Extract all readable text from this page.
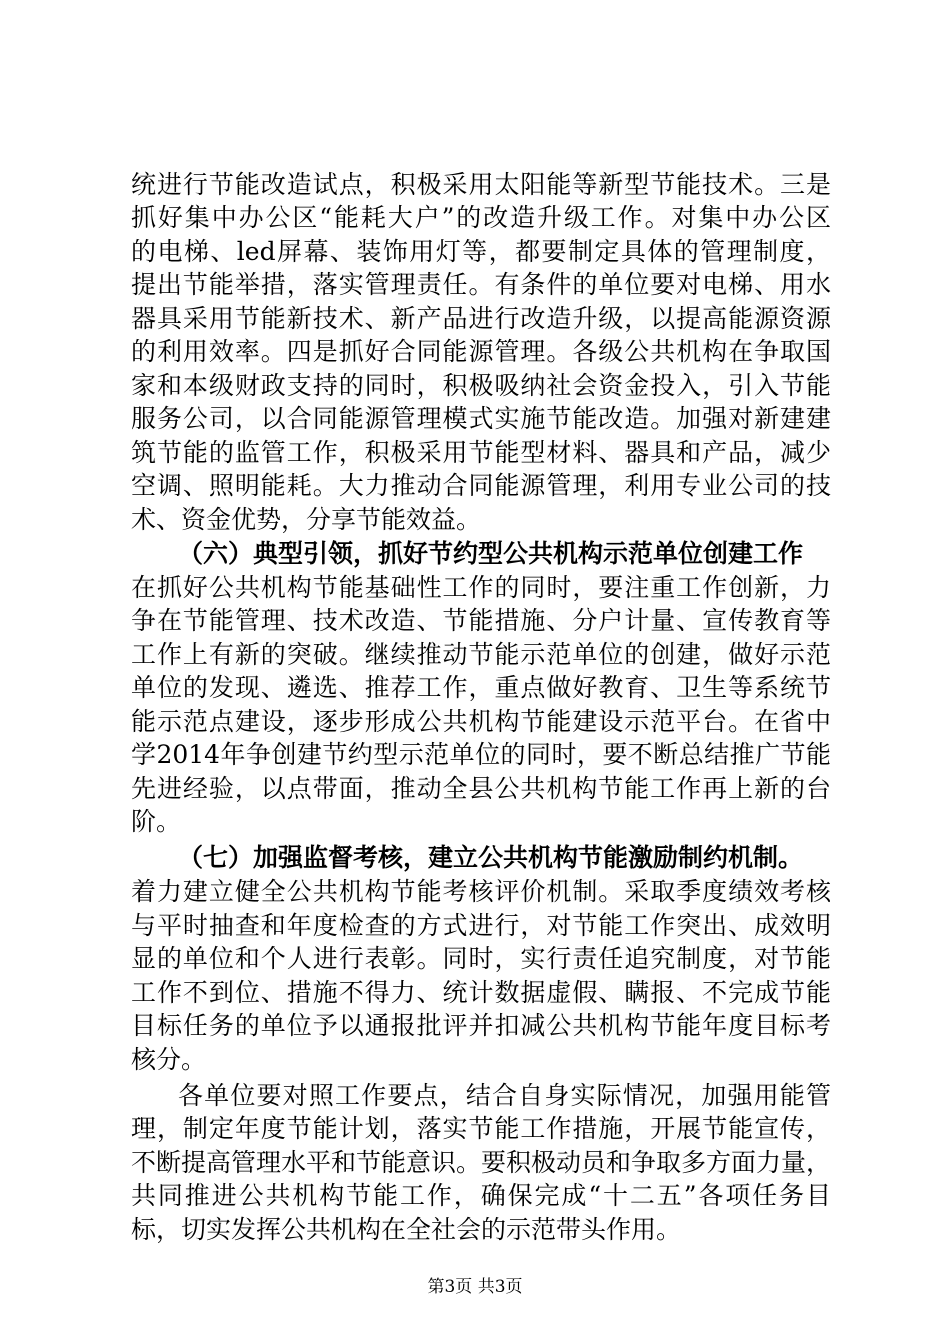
统进行节能改造试点，积极采用太阳能等新型节能技术。三是
抓好集中办公区“能耗大户”的改造升级工作。对集中办公区
的电梯、led屏幕、装饰用灯等，都要制定具体的管理制度，
提出节能举措，落实管理责任。有条件的单位要对电梯、用水
器具采用节能新技术、新产品进行改造升级，以提高能源资源
的利用效率。四是抓好合同能源管理。各级公共机构在争取国
家和本级财政支持的同时，积极吸纳社会资金投入，引入节能
服务公司，以合同能源管理模式实施节能改造。加强对新建建
筑节能的监管工作，积极采用节能型材料、器具和产品，减少
空调、照明能耗。大力推动合同能源管理，利用专业公司的技
术、资金优势，分享节能效益。
（六）典型引领，抓好节约型公共机构示范单位创建工作
在抓好公共机构节能基础性工作的同时，要注重工作创新，力
争在节能管理、技术改造、节能措施、分户计量、宣传教育等
工作上有新的突破。继续推动节能示范单位的创建，做好示范
单位的发现、遴选、推荐工作，重点做好教育、卫生等系统节
能示范点建设，逐步形成公共机构节能建设示范平台。在省中
学2014年争创建节约型示范单位的同时，要不断总结推广节能
先进经验，以点带面，推动全县公共机构节能工作再上新的台
阶。
（七）加强监督考核，建立公共机构节能激励制约机制。
着力建立健全公共机构节能考核评价机制。采取季度绩效考核
与平时抽查和年度检查的方式进行，对节能工作突出、成效明
显的单位和个人进行表彰。同时，实行责任追究制度，对节能
工作不到位、措施不得力、统计数据虚假、瞒报、不完成节能
目标任务的单位予以通报批评并扣减公共机构节能年度目标考
核分。
各单位要对照工作要点，结合自身实际情况，加强用能管
理，制定年度节能计划，落实节能工作措施，开展节能宣传，
不断提高管理水平和节能意识。要积极动员和争取多方面力量，
共同推进公共机构节能工作，确保完成“十二五”各项任务目
标，切实发挥公共机构在全社会的示范带头作用。
第3页 共3页
